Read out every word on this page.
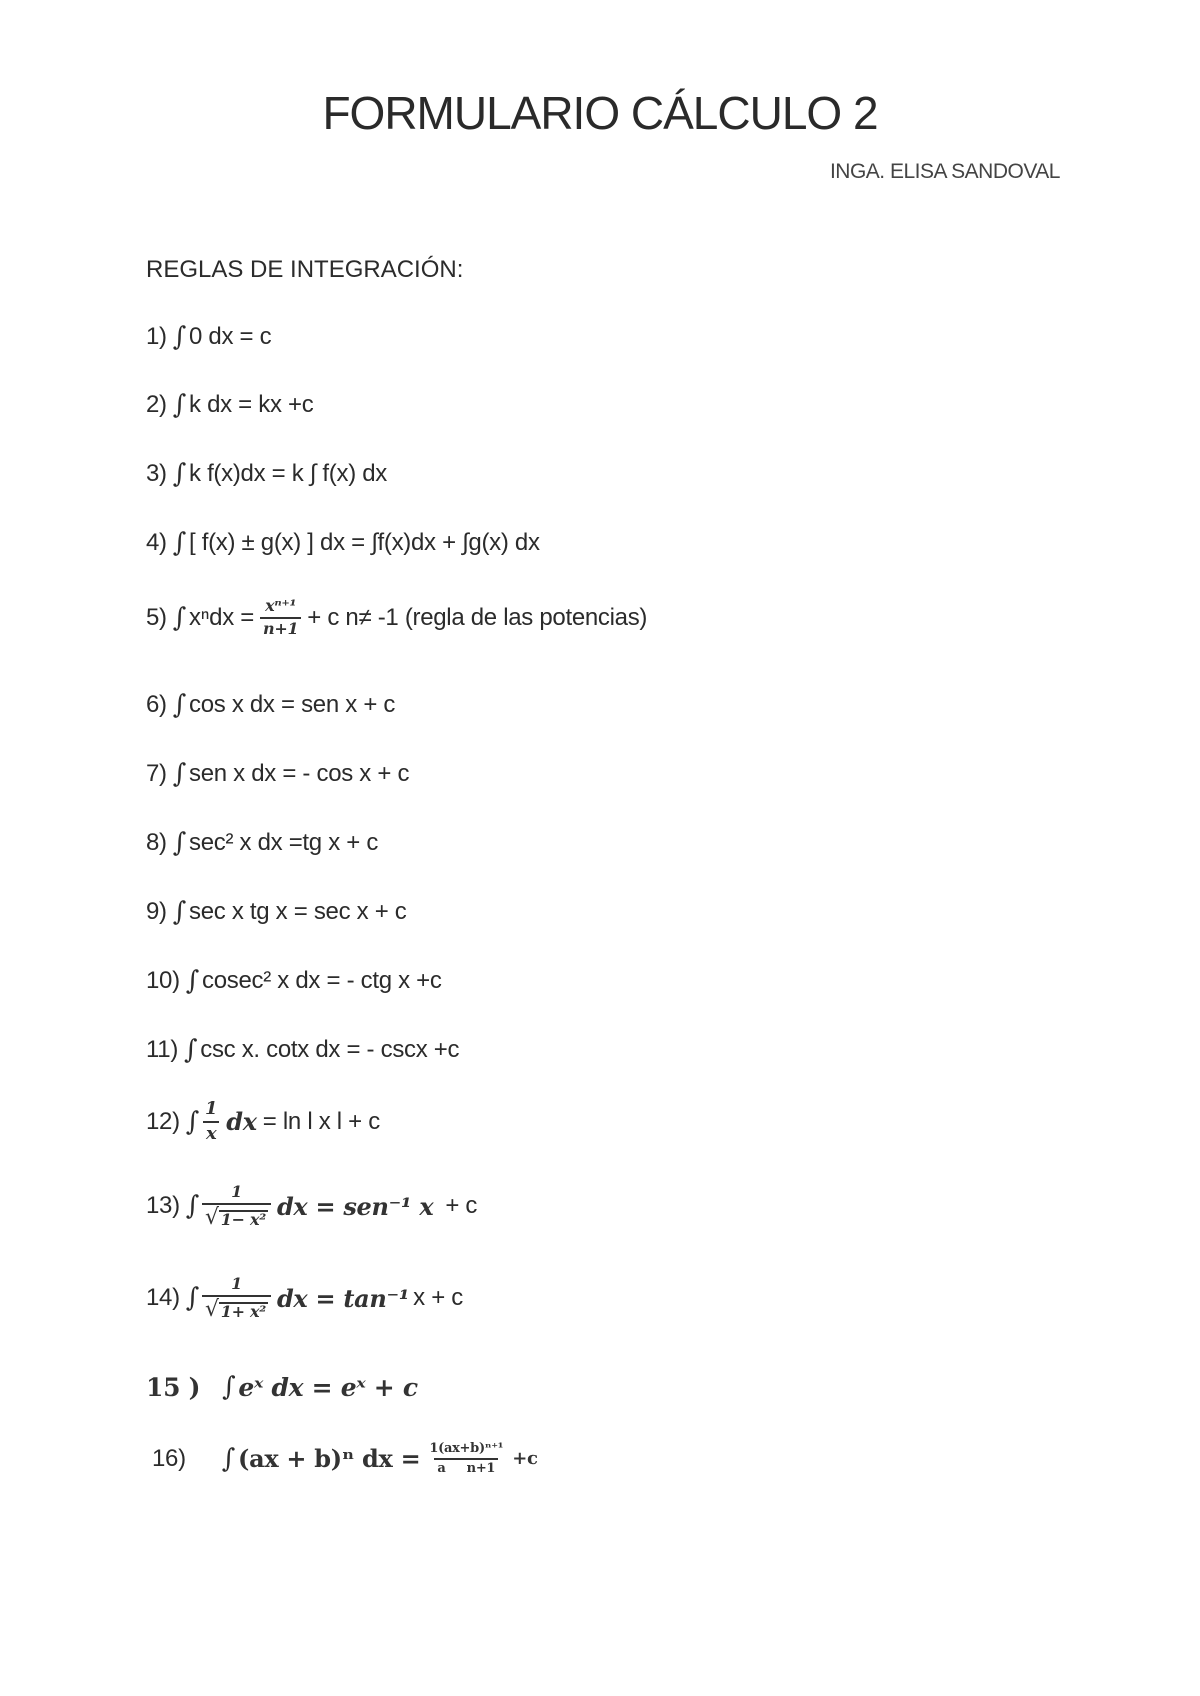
FORMULARIO CÁLCULO 2
INGA. ELISA SANDOVAL
REGLAS DE INTEGRACIÓN:
1) ∫ 0 dx = c
2) ∫ k dx = kx +c
3) ∫ k f(x)dx = k ∫ f(x) dx
4) ∫ [ f(x) ± g(x) ] dx = ∫f(x)dx + ∫g(x) dx
5) ∫ $x^ndx = \frac{\text{xⁿ⁺¹}}{n+1} + c$ n≠ -1 (regla de las potencias)
6) ∫ cos x dx = sen x + c
7) ∫ sen x dx = - cos x + c
8) ∫ sec² x dx =tg x + c
9) ∫ sec x tg x = sec x + c
10) ∫ cosec² x dx = - ctg x +c
11) ∫ csc x. cotx dx = - cscx +c
12) ∫ $\frac{1}{x}$ dx = ln l x l + c
13) ∫ $\frac{1}{\text{√ 1− x²}}$ dx = sen⁻¹ x + c
14) ∫ $\frac{1}{\text{√ 1+ x²}}$ dx = tan⁻¹ x + c
15 ) ∫ eˣ dx = eˣ + c
16) ∫ (ax + b)ⁿ dx = $\frac{\text{1(ax+b)ⁿ⁺¹}}{\text{a     n+1}} +c$
